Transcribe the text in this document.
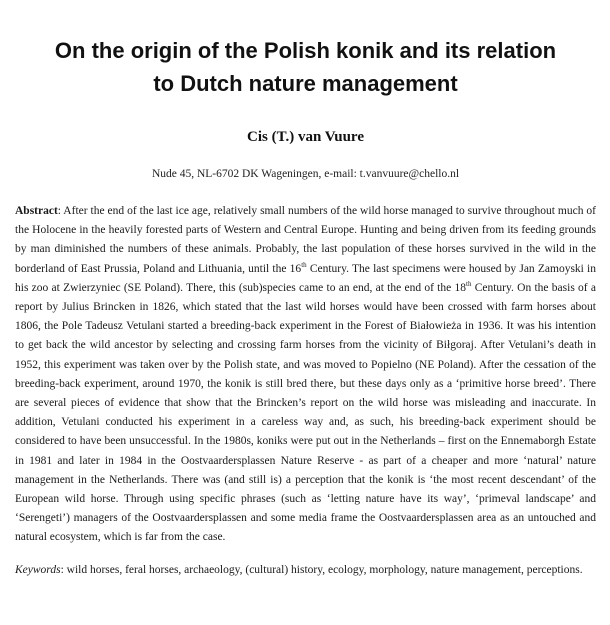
On the origin of the Polish konik and its relation
to Dutch nature management

Cis (T.) van Vuure

Nude 45, NL-6702 DK Wageningen, e-mail: t.vanvuure@chello.nl

Abstract: After the end of the last ice age, relatively small numbers of the wild horse managed to survive throughout much of the Holocene in the heavily forested parts of Western and Central Europe. Hunting and being driven from its feeding grounds by man diminished the numbers of these animals. Probably, the last population of these horses survived in the wild in the borderland of East Prussia, Poland and Lithuania, until the 16th Century. The last specimens were housed by Jan Zamoyski in his zoo at Zwierzyniec (SE Poland). There, this (sub)species came to an end, at the end of the 18th Century. On the basis of a report by Julius Brincken in 1826, which stated that the last wild horses would have been crossed with farm horses about 1806, the Pole Tadeusz Vetulani started a breeding-back experiment in the Forest of Białowieża in 1936. It was his intention to get back the wild ancestor by selecting and crossing farm horses from the vicinity of Biłgoraj. After Vetulani’s death in 1952, this experiment was taken over by the Polish state, and was moved to Popielno (NE Poland). After the cessation of the breeding-back experiment, around 1970, the konik is still bred there, but these days only as a ‘primitive horse breed’. There are several pieces of evidence that show that the Brincken’s report on the wild horse was misleading and inaccurate. In addition, Vetulani conducted his experiment in a careless way and, as such, his breeding-back experiment should be considered to have been unsuccessful. In the 1980s, koniks were put out in the Netherlands – first on the Ennemaborgh Estate in 1981 and later in 1984 in the Oostvaardersplassen Nature Reserve - as part of a cheaper and more ‘natural’ nature management in the Netherlands. There was (and still is) a perception that the konik is ‘the most recent descendant’ of the European wild horse. Through using specific phrases (such as ‘letting nature have its way’, ‘primeval landscape’ and ‘Serengeti’) managers of the Oostvaardersplassen and some media frame the Oostvaardersplassen area as an untouched and natural ecosystem, which is far from the case.

Keywords: wild horses, feral horses, archaeology, (cultural) history, ecology, morphology, nature management, perceptions.
